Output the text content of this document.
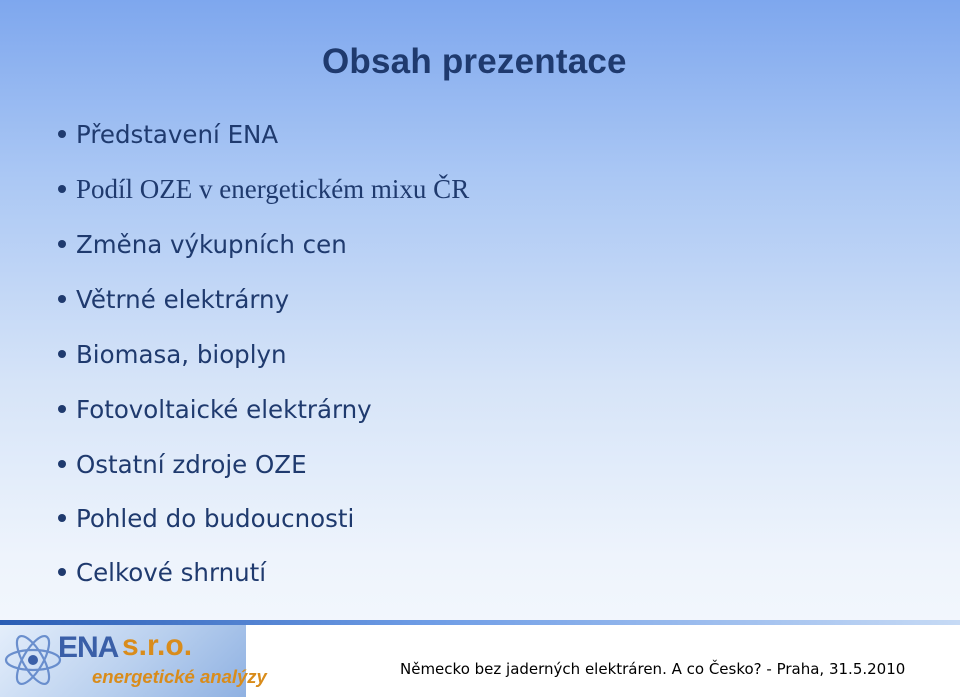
Obsah prezentace
Představení ENA
Podíl OZE v energetickém mixu ČR
Změna výkupních cen
Větrné elektrárny
Biomasa, bioplyn
Fotovoltaické elektrárny
Ostatní zdroje OZE
Pohled do budoucnosti
Celkové shrnutí
ENA s.r.o.
energetické analýzy	Německo bez jaderných elektráren. A co Česko? - Praha, 31.5.2010
